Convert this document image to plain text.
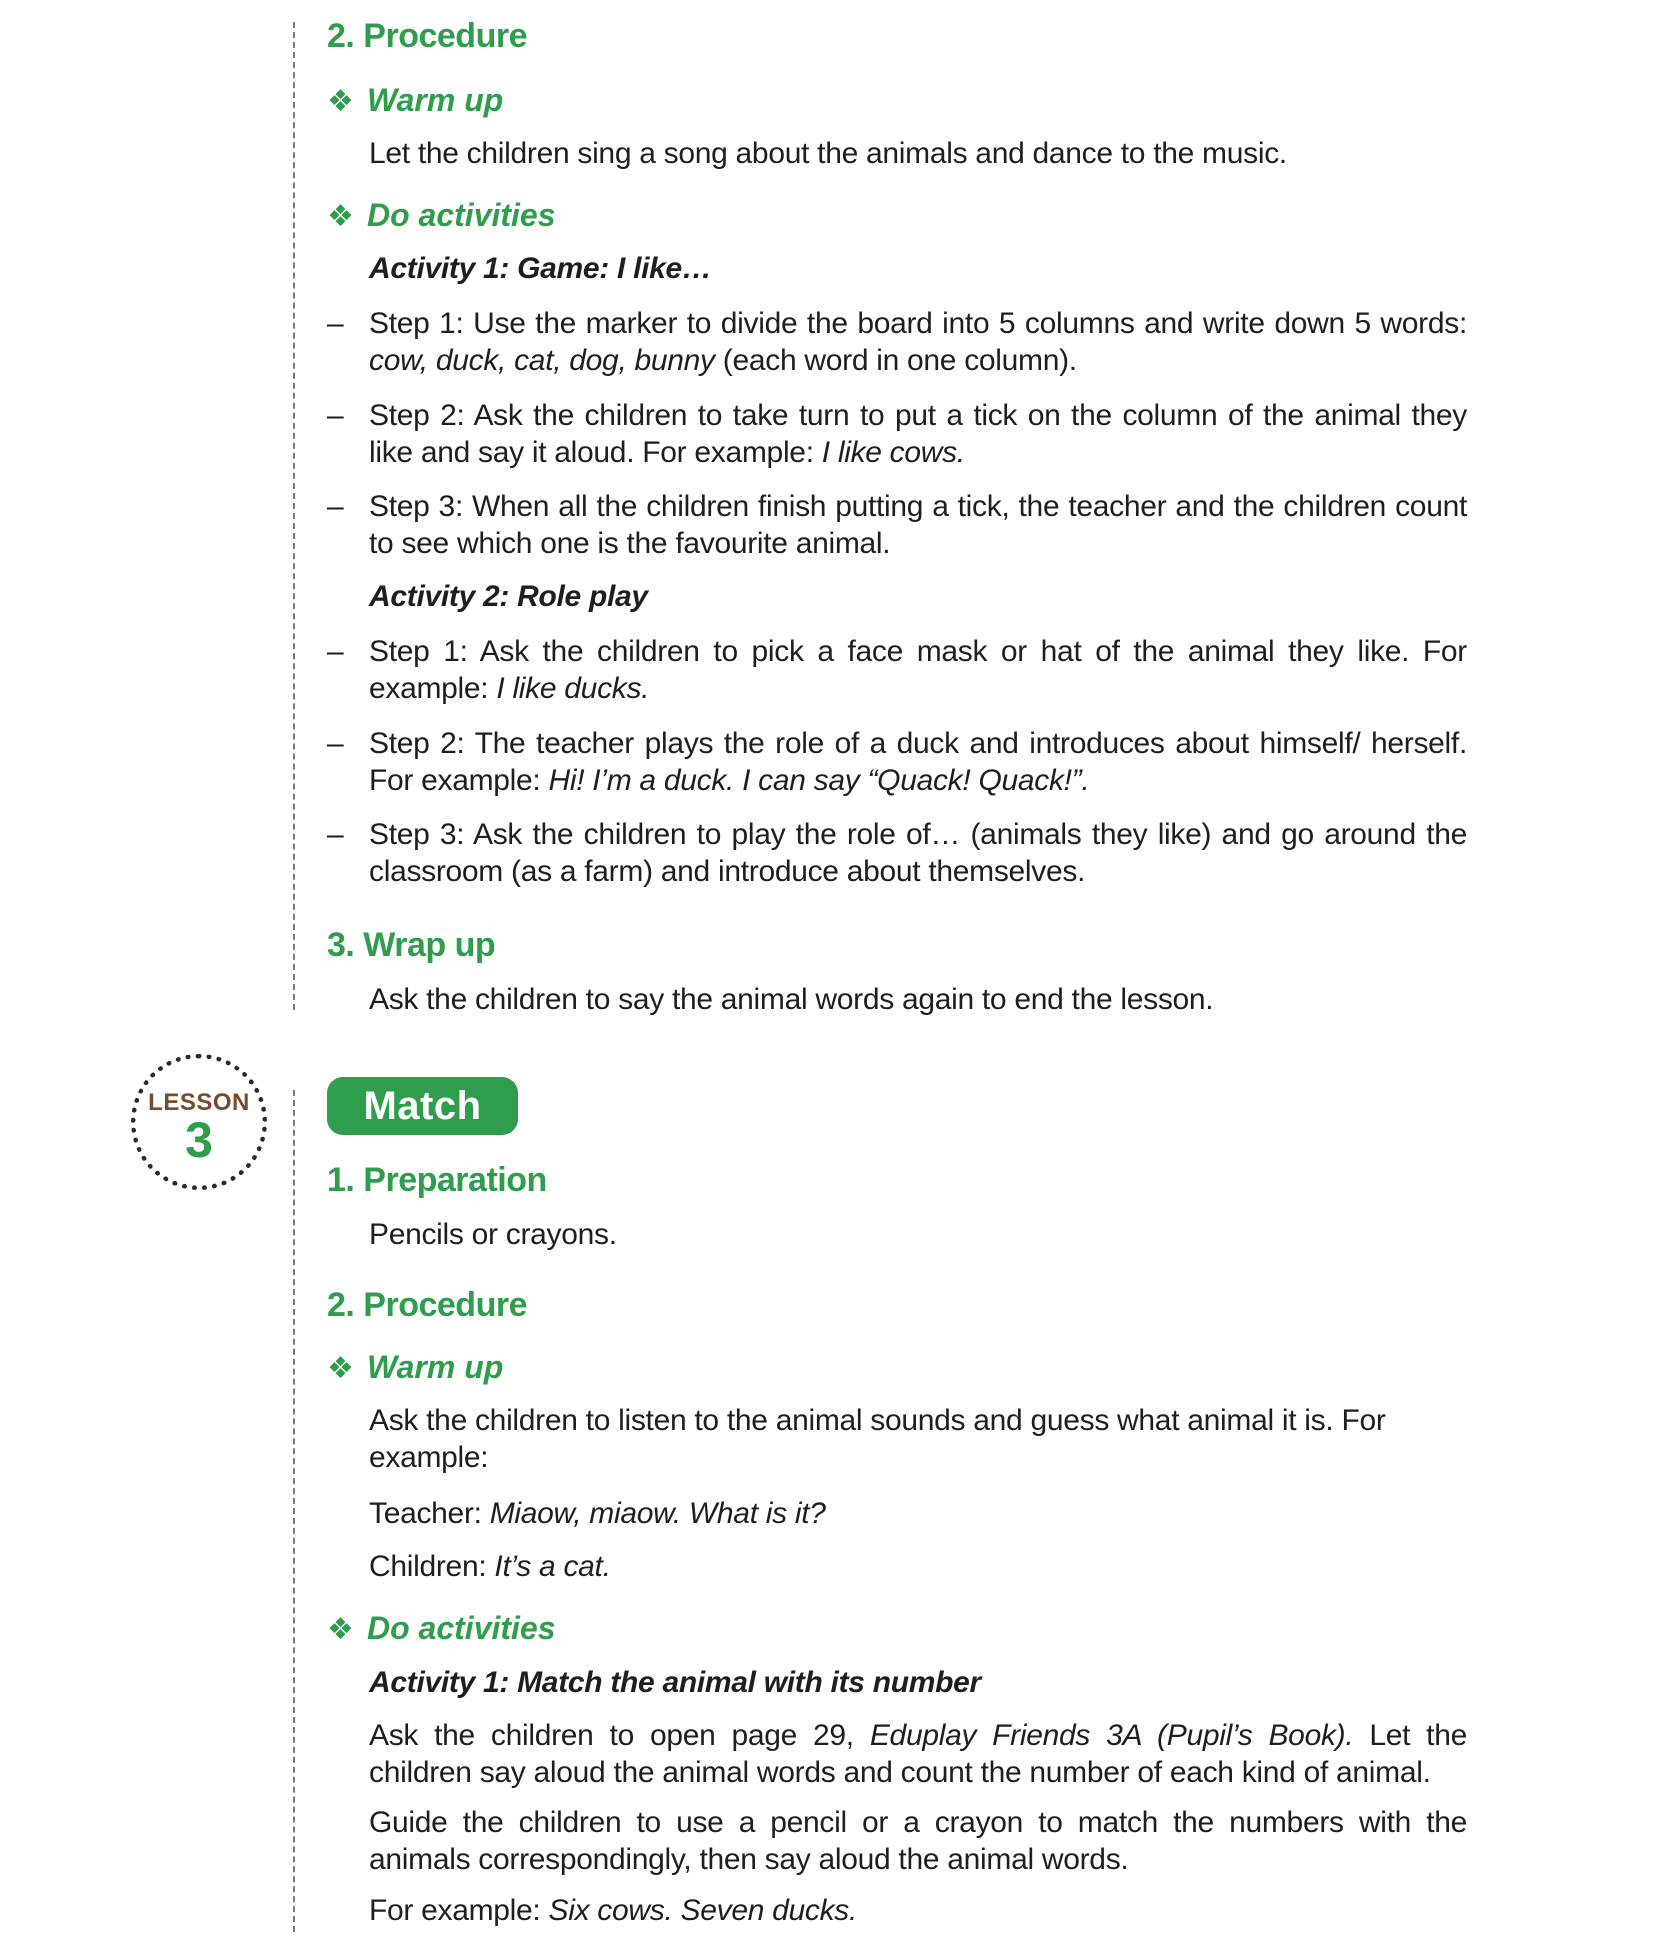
2. Procedure
❖ Warm up
Let the children sing a song about the animals and dance to the music.
❖ Do activities
Activity 1: Game: I like…
– Step 1: Use the marker to divide the board into 5 columns and write down 5 words: cow, duck, cat, dog, bunny (each word in one column).
– Step 2: Ask the children to take turn to put a tick on the column of the animal they like and say it aloud. For example: I like cows.
– Step 3: When all the children finish putting a tick, the teacher and the children count to see which one is the favourite animal.
Activity 2: Role play
– Step 1: Ask the children to pick a face mask or hat of the animal they like. For example: I like ducks.
– Step 2: The teacher plays the role of a duck and introduces about himself/ herself. For example: Hi! I’m a duck. I can say “Quack! Quack!”.
– Step 3: Ask the children to play the role of… (animals they like) and go around the classroom (as a farm) and introduce about themselves.
3. Wrap up
Ask the children to say the animal words again to end the lesson.
LESSON
3
Match
1. Preparation
Pencils or crayons.
2. Procedure
❖ Warm up
Ask the children to listen to the animal sounds and guess what animal it is. For example:
Teacher: Miaow, miaow. What is it?
Children: It’s a cat.
❖ Do activities
Activity 1: Match the animal with its number
Ask the children to open page 29, Eduplay Friends 3A (Pupil’s Book). Let the children say aloud the animal words and count the number of each kind of animal.
Guide the children to use a pencil or a crayon to match the numbers with the animals correspondingly, then say aloud the animal words.
For example: Six cows. Seven ducks.
